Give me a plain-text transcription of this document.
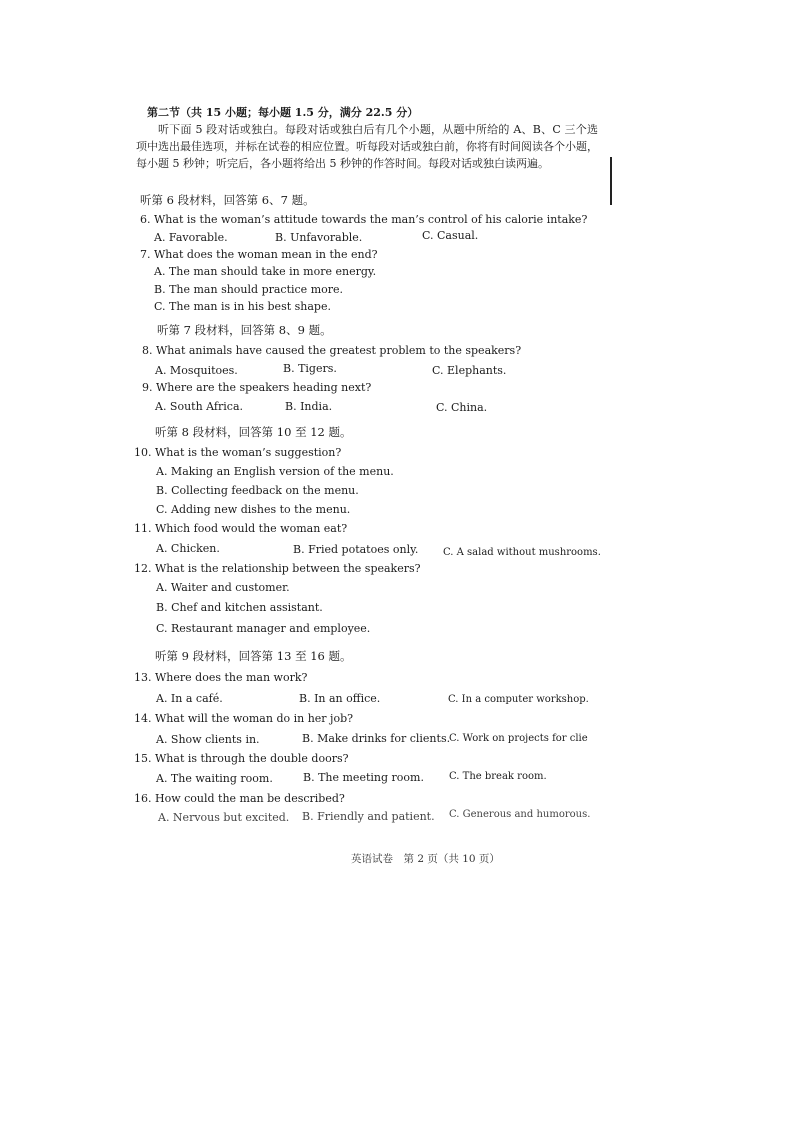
第二节（共 15 小题；每小题 1.5 分，满分 22.5 分）
听下面 5 段对话或独白。每段对话或独白后有几个小题，从题中所给的 A、B、C 三个选项中选出最佳选项，并标在试卷的相应位置。听每段对话或独白前，你将有时间阅读各个小题，每小题 5 秒钟；听完后，各小题将给出 5 秒钟的作答时间。每段对话或独白读两遍。
听第 6 段材料，回答第 6、7 题。
6. What is the woman’s attitude towards the man’s control of his calorie intake?
A. Favorable.	B. Unfavorable.	C. Casual.
7. What does the woman mean in the end?
A. The man should take in more energy.
B. The man should practice more.
C. The man is in his best shape.
听第 7 段材料，回答第 8、9 题。
8. What animals have caused the greatest problem to the speakers?
A. Mosquitoes.	B. Tigers.	C. Elephants.
9. Where are the speakers heading next?
A. South Africa.	B. India.	C. China.
听第 8 段材料，回答第 10 至 12 题。
10. What is the woman’s suggestion?
A. Making an English version of the menu.
B. Collecting feedback on the menu.
C. Adding new dishes to the menu.
11. Which food would the woman eat?
A. Chicken.	B. Fried potatoes only. C. A salad without mushrooms.
12. What is the relationship between the speakers?
A. Waiter and customer.
B. Chef and kitchen assistant.
C. Restaurant manager and employee.
听第 9 段材料，回答第 13 至 16 题。
13. Where does the man work?
A. In a café.	B. In an office.	C. In a computer workshop.
14. What will the woman do in her job?
A. Show clients in.	B. Make drinks for clients.
C. Work on projects for clie
15. What is through the double doors?
A. The waiting room.	B. The meeting room.	C. The break room.
16. How could the man be described?
A. Nervous but excited. B. Friendly and patient. C. Generous and humorous.
英语试卷　第 2 页（共 10 页）
